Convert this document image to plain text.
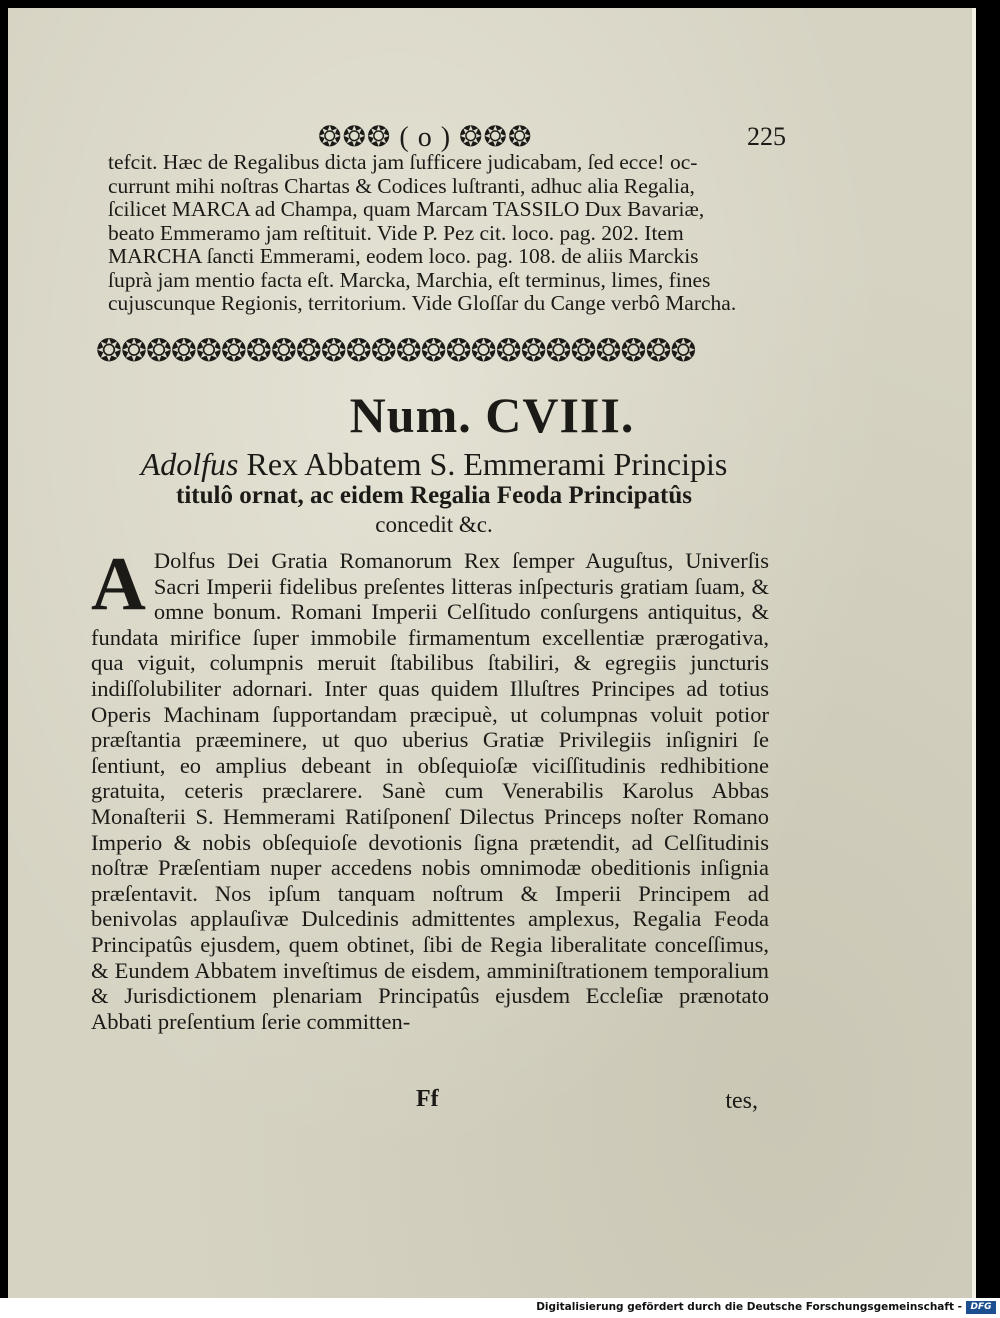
❂❂❂ ( o ) ❂❂❂	225

tefcit. Hæc de Regalibus dicta jam ſufficere judicabam, ſed ecce! oc-

currunt mihi noſtras Chartas & Codices luſtranti, adhuc alia Regalia,

ſcilicet MARCA ad Champa, quam Marcam TASSILO Dux Bavariæ,

beato Emmeramo jam reſtituit. Vide P. Pez cit. loco. pag. 202. Item

MARCHA ſancti Emmerami, eodem loco. pag. 108. de aliis Marckis

ſuprà jam mentio facta eſt. Marcka, Marchia, eſt terminus, limes, fines

cujuscunque Regionis, territorium. Vide Gloſſar du Cange verbô Marcha.

❂❂❂❂❂❂❂❂❂❂❂❂❂❂❂❂❂❂❂❂❂❂❂❂
Num. CVIII.
Adolfus Rex Abbatem S. Emmerami Principis
titulô ornat, ac eidem Regalia Feoda Principatûs
concedit &c.
A Dolfus Dei Gratia Romanorum Rex ſemper Auguſtus, Univerſis Sacri Imperii fidelibus preſentes litteras inſpecturis gratiam ſuam, & omne bonum. Romani Imperii Celſitudo conſurgens antiquitus, & fundata mirifice ſuper immobile firmamentum excellentiæ prærogativa, qua viguit, columpnis meruit ſtabilibus ſtabiliri, & egregiis juncturis indiſſolubiliter adornari. Inter quas quidem Illuſtres Principes ad totius Operis Machinam ſupportandam præcipuè, ut columpnas voluit potior præſtantia præeminere, ut quo uberius Gratiæ Privilegiis inſigniri ſe ſentiunt, eo amplius debeant in obſequioſæ viciſſitudinis redhibitione gratuita, ceteris præclarere. Sanè cum Venerabilis Karolus Abbas Monaſterii S. Hemmerami Ratiſponenſ Dilectus Princeps noſter Romano Imperio & nobis obſequioſe devotionis ſigna prætendit, ad Celſitudinis noſtræ Præſentiam nuper accedens nobis omnimodæ obeditionis inſignia præſentavit. Nos ipſum tanquam noſtrum & Imperii Principem ad benivolas applauſivæ Dulcedinis admittentes amplexus, Regalia Feoda Principatûs ejusdem, quem obtinet, ſibi de Regia liberalitate conceſſimus, & Eundem Abbatem inveſtimus de eisdem, amminiſtrationem temporalium & Jurisdictionem plenariam Principatûs ejusdem Eccleſiæ prænotato Abbati preſentium ſerie committen-
Ff	tes,
Digitalisierung gefördert durch die Deutsche Forschungsgemeinschaft - DFG
